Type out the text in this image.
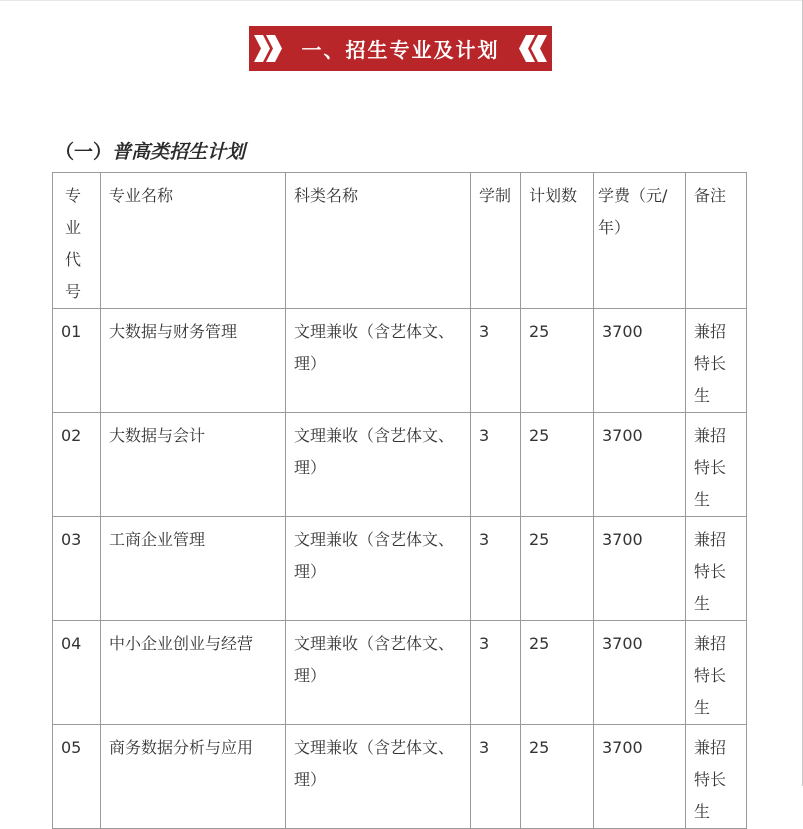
一、招生专业及计划
（一）普高类招生计划
专业代号	专业名称	科类名称	学制	计划数	学费（元/年）	备注
01	大数据与财务管理	文理兼收（含艺体文、理）	3	25	3700	兼招特长生
02	大数据与会计	文理兼收（含艺体文、理）	3	25	3700	兼招特长生
03	工商企业管理	文理兼收（含艺体文、理）	3	25	3700	兼招特长生
04	中小企业创业与经营	文理兼收（含艺体文、理）	3	25	3700	兼招特长生
05	商务数据分析与应用	文理兼收（含艺体文、理）	3	25	3700	兼招特长生
